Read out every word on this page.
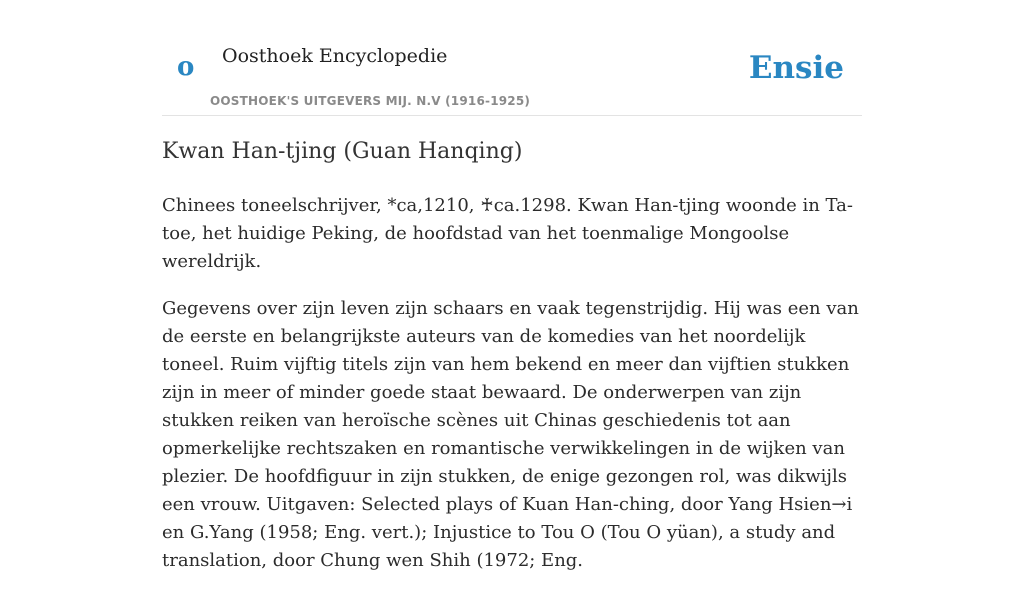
o Oosthoek Encyclopedie
OOSTHOEK'S UITGEVERS MIJ. N.V (1916-1925)
Ensie
Kwan Han-tjing (Guan Hanqing)

Chinees toneelschrijver, *ca,1210, ♰ca.1298. Kwan Han-tjing woonde in Ta-toe, het huidige Peking, de hoofdstad van het toenmalige Mongoolse wereldrijk.

Gegevens over zijn leven zijn schaars en vaak tegenstrijdig. Hij was een van de eerste en belangrijkste auteurs van de komedies van het noordelijk toneel. Ruim vijftig titels zijn van hem bekend en meer dan vijftien stukken zijn in meer of minder goede staat bewaard. De onderwerpen van zijn stukken reiken van heroïsche scènes uit Chinas geschiedenis tot aan opmerkelijke rechtszaken en romantische verwikkelingen in de wijken van plezier. De hoofdfiguur in zijn stukken, de enige gezongen rol, was dikwijls een vrouw. Uitgaven: Selected plays of Kuan Han-ching, door Yang Hsien→i en G.Yang (1958; Eng. vert.); Injustice to Tou O (Tou O yüan), a study and translation, door Chung wen Shih (1972; Eng.
